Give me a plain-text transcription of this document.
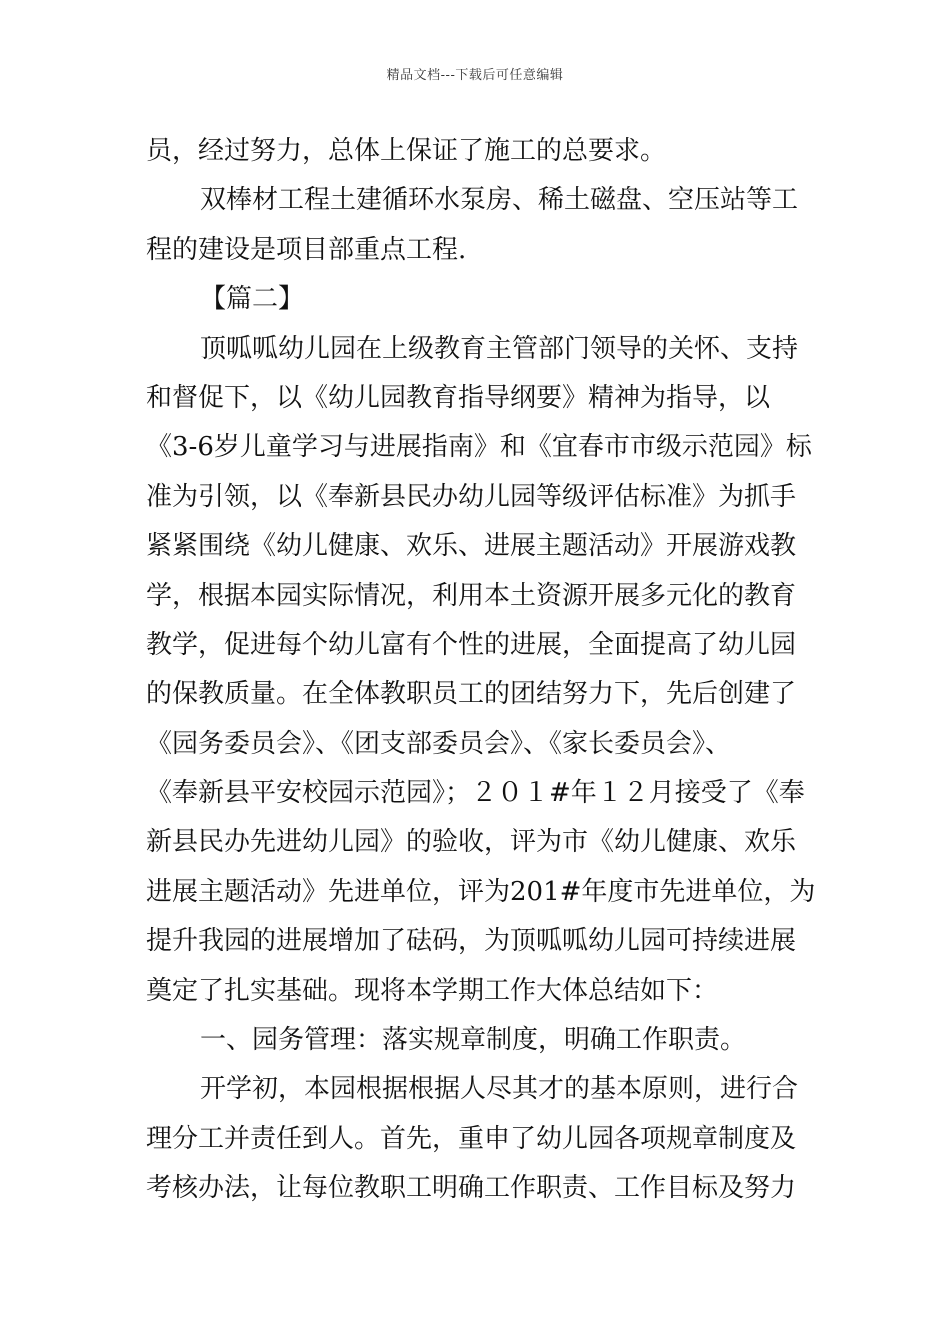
精品文档---下载后可任意编辑
员，经过努力，总体上保证了施工的总要求。
双棒材工程土建循环水泵房、稀土磁盘、空压站等工
程的建设是项目部重点工程.
【篇二】
顶呱呱幼儿园在上级教育主管部门领导的关怀、支持
和督促下，以《幼儿园教育指导纲要》精神为指导，以
《3-6岁儿童学习与进展指南》和《宜春市市级示范园》标
准为引领，以《奉新县民办幼儿园等级评估标准》为抓手
紧紧围绕《幼儿健康、欢乐、进展主题活动》开展游戏教
学，根据本园实际情况，利用本土资源开展多元化的教育
教学，促进每个幼儿富有个性的进展，全面提高了幼儿园
的保教质量。在全体教职员工的团结努力下，先后创建了
《园务委员会》、《团支部委员会》、《家长委员会》、
《奉新县平安校园示范园》；２０１#年１２月接受了《奉
新县民办先进幼儿园》的验收，评为市《幼儿健康、欢乐
进展主题活动》先进单位，评为201#年度市先进单位，为
提升我园的进展增加了砝码，为顶呱呱幼儿园可持续进展
奠定了扎实基础。现将本学期工作大体总结如下：
一、园务管理：落实规章制度，明确工作职责。
开学初，本园根据根据人尽其才的基本原则，进行合
理分工并责任到人。首先，重申了幼儿园各项规章制度及
考核办法，让每位教职工明确工作职责、工作目标及努力
